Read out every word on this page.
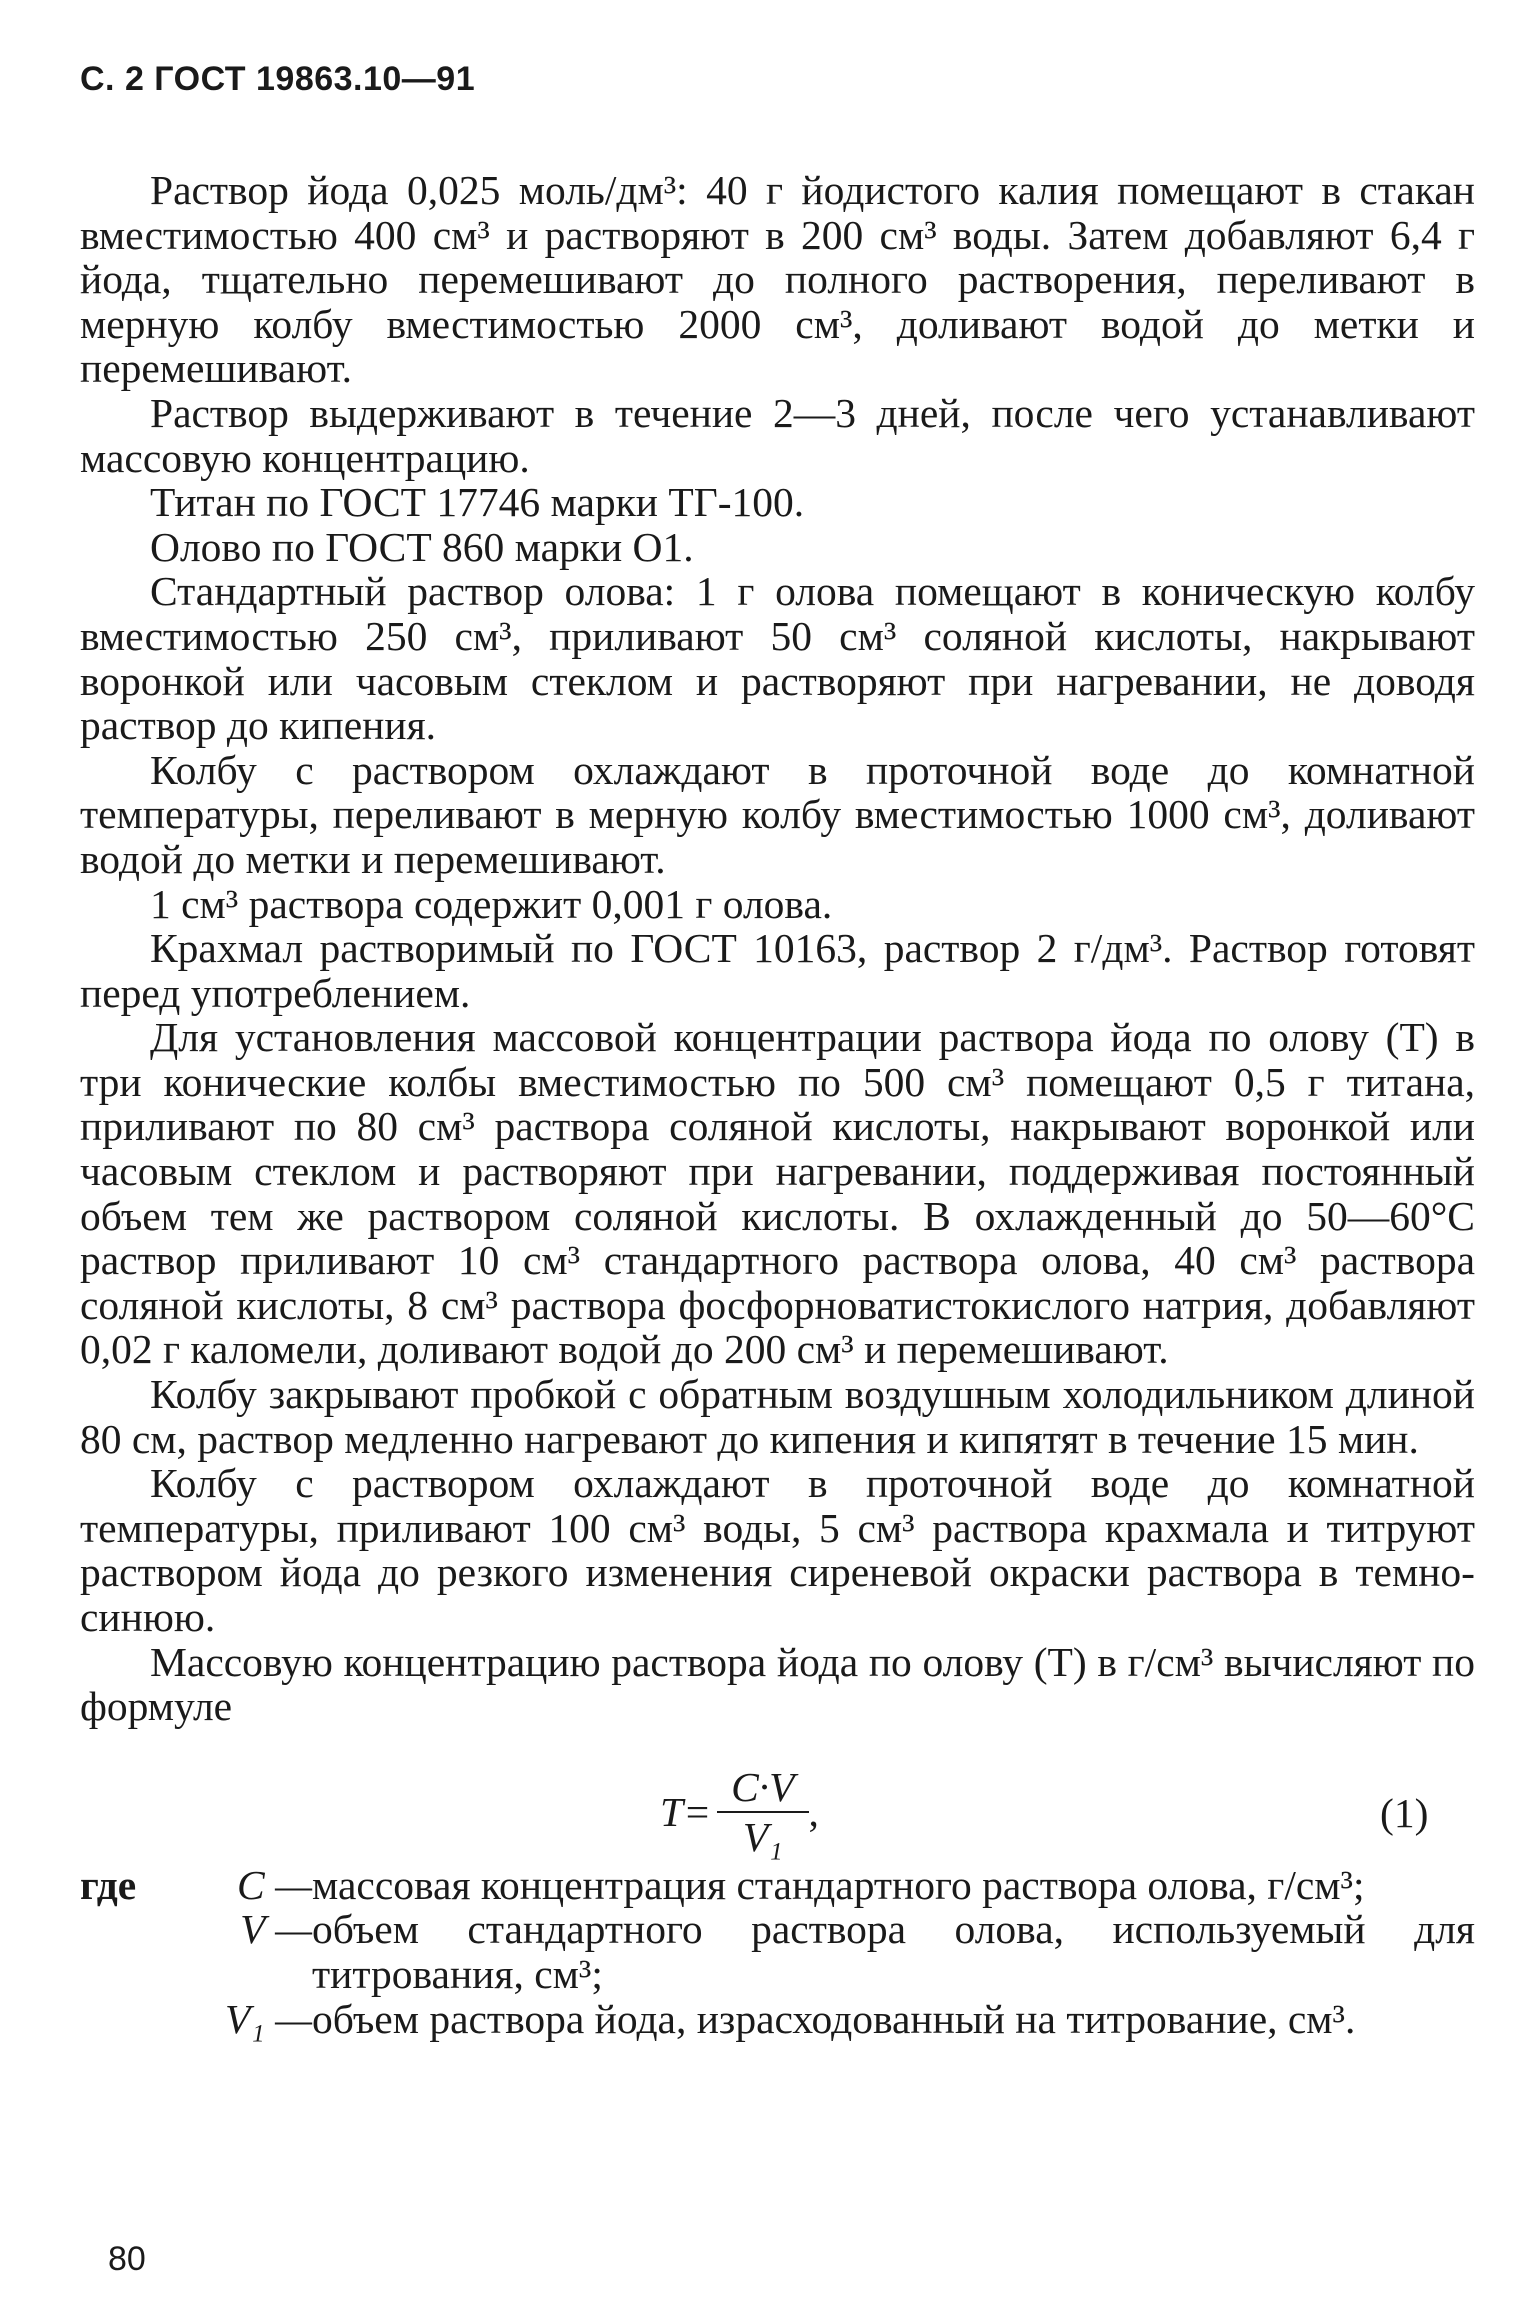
С. 2 ГОСТ 19863.10—91

Раствор йода 0,025 моль/дм³: 40 г йодистого калия помещают в стакан вместимостью 400 см³ и растворяют в 200 см³ воды. Затем добавляют 6,4 г йода, тщательно перемешивают до полного растворения, переливают в мерную колбу вместимостью 2000 см³, доливают водой до метки и перемешивают.

Раствор выдерживают в течение 2—3 дней, после чего устанавливают массовую концентрацию.

Титан по ГОСТ 17746 марки ТГ-100.

Олово по ГОСТ 860 марки О1.

Стандартный раствор олова: 1 г олова помещают в коническую колбу вместимостью 250 см³, приливают 50 см³ соляной кислоты, накрывают воронкой или часовым стеклом и растворяют при нагревании, не доводя раствор до кипения.

Колбу с раствором охлаждают в проточной воде до комнатной температуры, переливают в мерную колбу вместимостью 1000 см³, доливают водой до метки и перемешивают.

1 см³ раствора содержит 0,001 г олова.

Крахмал растворимый по ГОСТ 10163, раствор 2 г/дм³. Раствор готовят перед употреблением.

Для установления массовой концентрации раствора йода по олову (T) в три конические колбы вместимостью по 500 см³ помещают 0,5 г титана, приливают по 80 см³ раствора соляной кислоты, накрывают воронкой или часовым стеклом и растворяют при нагревании, поддерживая постоянный объем тем же раствором соляной кислоты. В охлажденный до 50—60°С раствор приливают 10 см³ стандартного раствора олова, 40 см³ раствора соляной кислоты, 8 см³ раствора фосфорноватистокислого натрия, добавляют 0,02 г каломели, доливают водой до 200 см³ и перемешивают.

Колбу закрывают пробкой с обратным воздушным холодильником длиной 80 см, раствор медленно нагревают до кипения и кипятят в течение 15 мин.

Колбу с раствором охлаждают в проточной воде до комнатной температуры, приливают 100 см³ воды, 5 см³ раствора крахмала и титруют раствором йода до резкого изменения сиреневой окраски раствора в темно-синюю.

Массовую концентрацию раствора йода по олову (T) в г/см³ вычисляют по формуле

$T= \frac{C\cdot V}{\text{V₁}}$ ,	(1)
где	C — массовая концентрация стандартного раствора олова, г/см³;
V — объем стандартного раствора олова, используемый для титрования, см³;
V₁ — объем раствора йода, израсходованный на титрование, см³.
80
